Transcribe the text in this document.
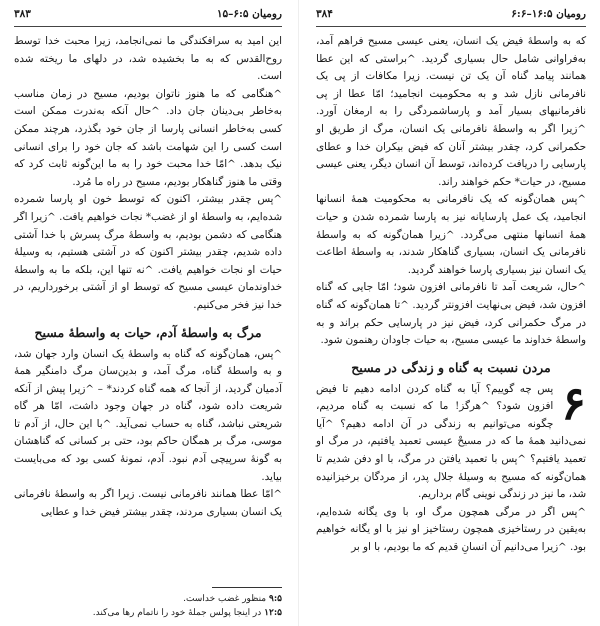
رومیان ۶:۵–۱۵
۳۸۳

این امید به سرافکندگی ما نمی‌انجامد، زیرا محبت خدا توسط روح‌القدس که به ما بخشیده شد، در دلهای ما ریخته شده است.

^هنگامی که ما هنوز ناتوان بودیم، مسیح در زمان مناسب به‌خاطر بی‌دینان جان داد. ^حال آنکه به‌ندرت ممکن است کسی به‌خاطر انسانی پارسا از جان خود بگذرد، هرچند ممکن است کسی را این شهامت باشد که جان خود را برای انسانی نیک بدهد. ^امّا خدا محبت خود را به ما این‌گونه ثابت کرد که وقتی ما هنوز گناهکار بودیم، مسیح در راه ما مُرد.

^پس چقدر بیشتر، اکنون که توسط خون او پارسا شمرده شده‌ایم، به واسطهٔ او از غضب* نجات خواهیم یافت. ^زیرا اگر هنگامی که دشمن بودیم، به واسطهٔ مرگ پسرش با خدا آشتی داده شدیم، چقدر بیشتر اکنون که در آشتی هستیم، به وسیلهٔ حیات او نجات خواهیم یافت. ^نه تنها این، بلکه ما به واسطهٔ خداوندمان عیسی مسیح که توسط او از آشتی برخورداریم، در خدا نیز فخر می‌کنیم.

مرگ به واسطهٔ آدم، حیات به واسطهٔ مسیح

^پس، همان‌گونه که گناه به واسطهٔ یک انسان وارد جهان شد، و به واسطهٔ گناه، مرگ آمد، و بدین‌سان مرگ دامنگیر همهٔ آدمیان گردید، از آنجا که همه گناه کردند* – ^زیرا پیش از آنکه شریعت داده شود، گناه در جهان وجود داشت، امّا هر گاه شریعتی نباشد، گناه به حساب نمی‌آید. ^با این حال، از آدم تا موسی، مرگ بر همگان حاکم بود، حتی بر کسانی که گناهشان به گونهٔ سرپیچی آدم نبود. آدم، نمونهٔ کسی بود که می‌بایست بیاید.

^امّا عطا همانند نافرمانی نیست. زیرا اگر به واسطهٔ نافرمانی یک انسان بسیاری مردند، چقدر بیشتر فیض خدا و عطایی

۹:۵ منظور غضب خداست.

۱۲:۵ در اینجا پولس جملهٔ خود را ناتمام رها می‌کند.

رومیان ۱۶:۵–۶:۶
۳۸۴

که به واسطهٔ فیض یک انسان، یعنی عیسی مسیح فراهم آمد، به‌فراوانی شامل حال بسیاری گردید. ^براستی که این عطا همانند پیامد گناه آن یک تن نیست. زیرا مکافات از پی یک نافرمانی نازل شد و به محکومیت انجامید؛ امّا عطا از پی نافرمانیهای بسیار آمد و پارساشمردگی را به ارمغان آورد. ^زیرا اگر به واسطهٔ نافرمانی یک انسان، مرگ از طریق او حکمرانی کرد، چقدر بیشتر آنان که فیض بیکران خدا و عطای پارسایی را دریافت کرده‌اند، توسط آن انسان دیگر، یعنی عیسی مسیح، در حیات* حکم خواهند راند.

^پس همان‌گونه که یک نافرمانی به محکومیت همهٔ انسانها انجامید، یک عمل پارسایانه نیز به پارسا شمرده شدن و حیات همهٔ انسانها منتهی می‌گردد. ^زیرا همان‌گونه که به واسطهٔ نافرمانی یک انسان، بسیاری گناهکار شدند، به واسطهٔ اطاعت یک انسان نیز بسیاری پارسا خواهند گردید.

^حال، شریعت آمد تا نافرمانی افزون شود؛ امّا جایی که گناه افزون شد، فیض بی‌نهایت افزونتر گردید. ^تا همان‌گونه که گناه در مرگ حکمرانی کرد، فیض نیز در پارسایی حکم براند و به واسطهٔ خداوند ما عیسی مسیح، به حیات جاودان رهنمون شود.

مردن نسبت به گناه و زندگی در مسیح
۶

پس چه گوییم؟ آیا به گناه کردن ادامه دهیم تا فیض افزون شود؟ ^هرگز! ما که نسبت به گناه مردیم، چگونه می‌توانیم به زندگی در آن ادامه دهیم؟ ^آیا نمی‌دانید همهٔ ما که در مسیحْ عیسی تعمید یافتیم، در مرگ او تعمید یافتیم؟ ^پس با تعمید یافتن در مرگ، با او دفن شدیم تا همان‌گونه که مسیح به وسیلهٔ جلال پدر، از مردگان برخیزانیده شد، ما نیز در زندگی نوینی گام برداریم.

^پس اگر در مرگی همچون مرگ او، با وی یگانه شده‌ایم، به‌یقین در رستاخیزی همچون رستاخیز او نیز با او یگانه خواهیم بود. ^زیرا می‌دانیم آن انسانِ قدیم که ما بودیم، با او بر
